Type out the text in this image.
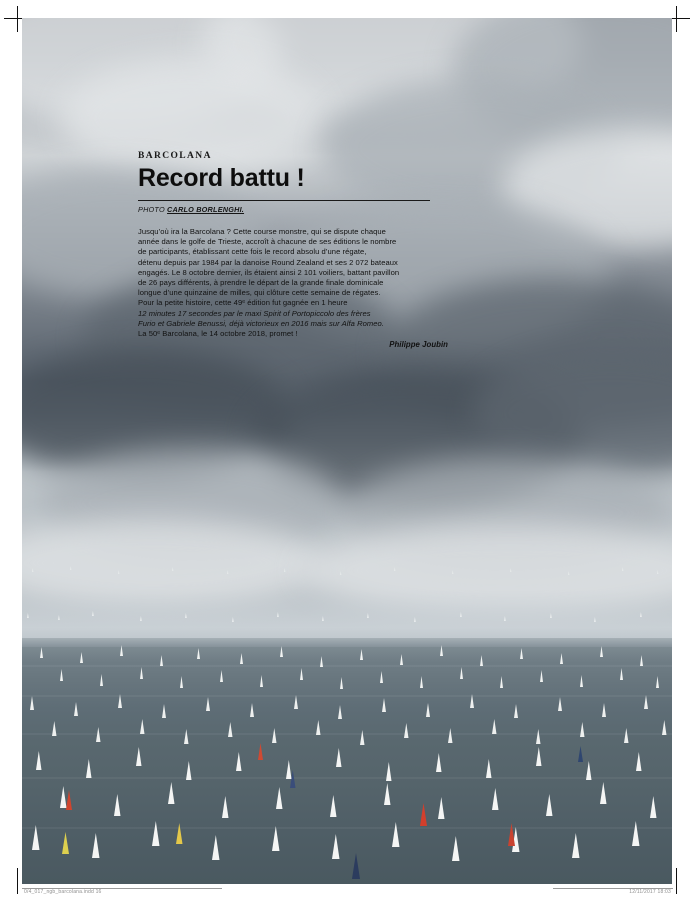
BARCOLANA
Record battu !
PHOTO CARLO BORLENGHI.

Jusqu’où ira la Barcolana ? Cette course monstre, qui se dispute chaque

année dans le golfe de Trieste, accroît à chacune de ses éditions le nombre

de participants, établissant cette fois le record absolu d’une régate,

détenu depuis par 1984 par la danoise Round Zealand et ses 2 072 bateaux

engagés. Le 8 octobre dernier, ils étaient ainsi 2 101 voiliers, battant pavillon

de 26 pays différents, à prendre le départ de la grande finale dominicale

longue d’une quinzaine de milles, qui clôture cette semaine de régates.

Pour la petite histoire, cette 49ᵉ édition fut gagnée en 1 heure

12 minutes 17 secondes par le maxi Spirit of Portopiccolo des frères

Furio et Gabriele Benussi, déjà victorieux en 2016 mais sur Alfa Romeo.

La 50ᵉ Barcolana, le 14 octobre 2018, promet !

Philippe Joubin
0/4_017_ngb_barcolana.indd 16	12/11/2017 18:03
